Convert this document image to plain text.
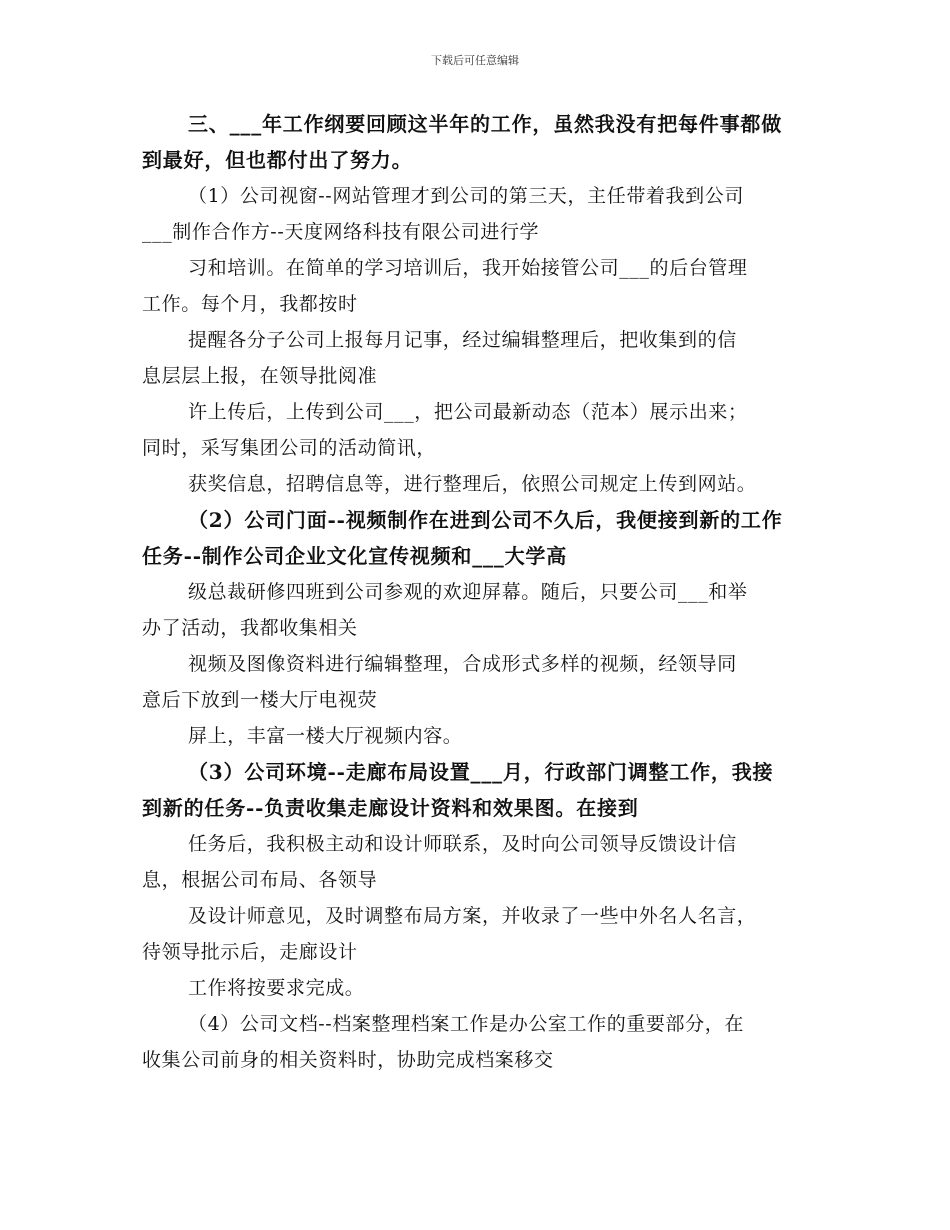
下载后可任意编辑
三、___年工作纲要回顾这半年的工作，虽然我没有把每件事都做
到最好，但也都付出了努力。
（1）公司视窗--网站管理才到公司的第三天，主任带着我到公司
___制作合作方--天度网络科技有限公司进行学
习和培训。在简单的学习培训后，我开始接管公司___的后台管理
工作。每个月，我都按时
提醒各分子公司上报每月记事，经过编辑整理后，把收集到的信
息层层上报，在领导批阅准
许上传后，上传到公司___，把公司最新动态（范本）展示出来；
同时，采写集团公司的活动简讯，
获奖信息，招聘信息等，进行整理后，依照公司规定上传到网站。
（2）公司门面--视频制作在进到公司不久后，我便接到新的工作
任务--制作公司企业文化宣传视频和___大学高
级总裁研修四班到公司参观的欢迎屏幕。随后，只要公司___和举
办了活动，我都收集相关
视频及图像资料进行编辑整理，合成形式多样的视频，经领导同
意后下放到一楼大厅电视荧
屏上，丰富一楼大厅视频内容。
（3）公司环境--走廊布局设置___月，行政部门调整工作，我接
到新的任务--负责收集走廊设计资料和效果图。在接到
任务后，我积极主动和设计师联系，及时向公司领导反馈设计信
息，根据公司布局、各领导
及设计师意见，及时调整布局方案，并收录了一些中外名人名言，
待领导批示后，走廊设计
工作将按要求完成。
（4）公司文档--档案整理档案工作是办公室工作的重要部分，在
收集公司前身的相关资料时，协助完成档案移交
